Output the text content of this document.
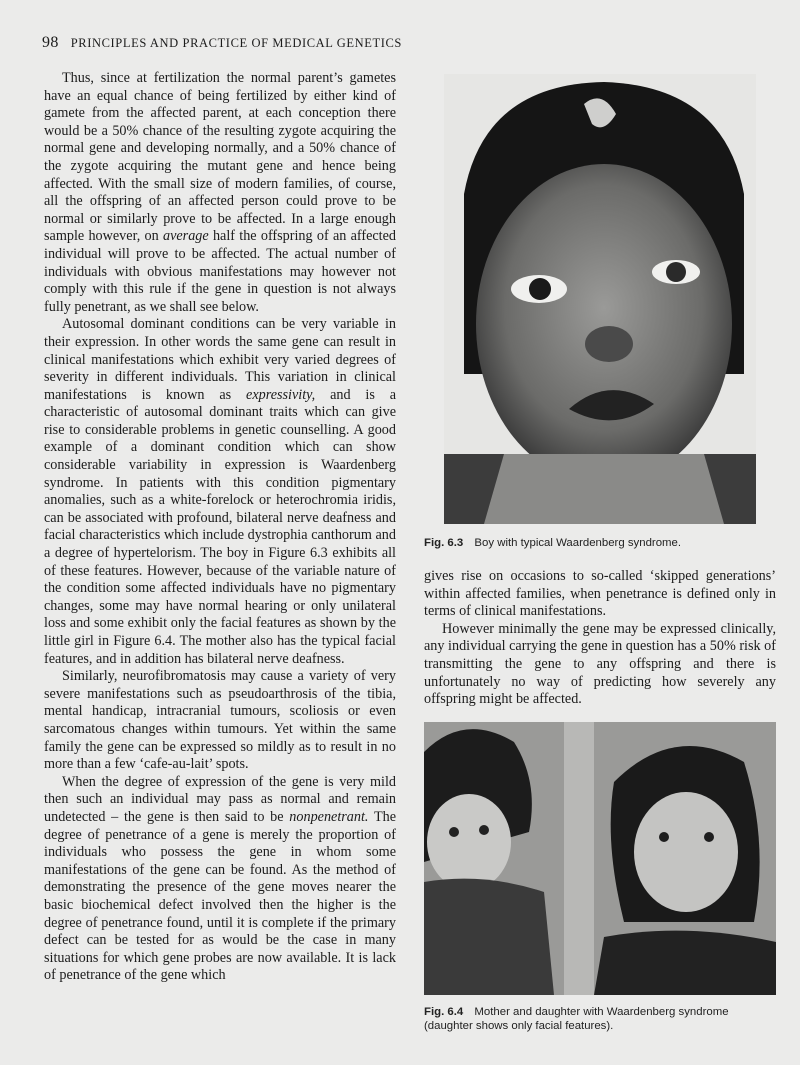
98 PRINCIPLES AND PRACTICE OF MEDICAL GENETICS

Thus, since at fertilization the normal parent’s gametes have an equal chance of being fertilized by either kind of gamete from the affected parent, at each conception there would be a 50% chance of the resulting zygote acquiring the normal gene and developing normally, and a 50% chance of the zygote acquiring the mutant gene and hence being affected. With the small size of modern families, of course, all the offspring of an affected person could prove to be normal or similarly prove to be affected. In a large enough sample however, on average half the offspring of an affected individual will prove to be affected. The actual number of individuals with obvious manifestations may however not comply with this rule if the gene in question is not always fully penetrant, as we shall see below.

Autosomal dominant conditions can be very variable in their expression. In other words the same gene can result in clinical manifestations which exhibit very varied degrees of severity in different individuals. This variation in clinical manifestations is known as expressivity, and is a characteristic of autosomal dominant traits which can give rise to considerable problems in genetic counselling. A good example of a dominant condition which can show considerable variability in expression is Waardenberg syndrome. In patients with this condition pigmentary anomalies, such as a white-forelock or heterochromia iridis, can be associated with profound, bilateral nerve deafness and facial characteristics which include dystrophia canthorum and a degree of hypertelorism. The boy in Figure 6.3 exhibits all of these features. However, because of the variable nature of the condition some affected individuals have no pigmentary changes, some may have normal hearing or only unilateral loss and some exhibit only the facial features as shown by the little girl in Figure 6.4. The mother also has the typical facial features, and in addition has bilateral nerve deafness.

Similarly, neurofibromatosis may cause a variety of very severe manifestations such as pseudoarthrosis of the tibia, mental handicap, intracranial tumours, scoliosis or even sarcomatous changes within tumours. Yet within the same family the gene can be expressed so mildly as to result in no more than a few ‘cafe-au-lait’ spots.

When the degree of expression of the gene is very mild then such an individual may pass as normal and remain undetected – the gene is then said to be nonpenetrant. The degree of penetrance of a gene is merely the proportion of individuals who possess the gene in whom some manifestations of the gene can be found. As the method of demonstrating the presence of the gene moves nearer the basic biochemical defect involved then the higher is the degree of penetrance found, until it is complete if the primary defect can be tested for as would be the case in many situations for which gene probes are now available. It is lack of penetrance of the gene which

Fig. 6.3 Boy with typical Waardenberg syndrome.

gives rise on occasions to so-called ‘skipped generations’ within affected families, when penetrance is defined only in terms of clinical manifestations.

However minimally the gene may be expressed clinically, any individual carrying the gene in question has a 50% risk of transmitting the gene to any offspring and there is unfortunately no way of predicting how severely any offspring might be affected.

Fig. 6.4 Mother and daughter with Waardenberg syndrome (daughter shows only facial features).
